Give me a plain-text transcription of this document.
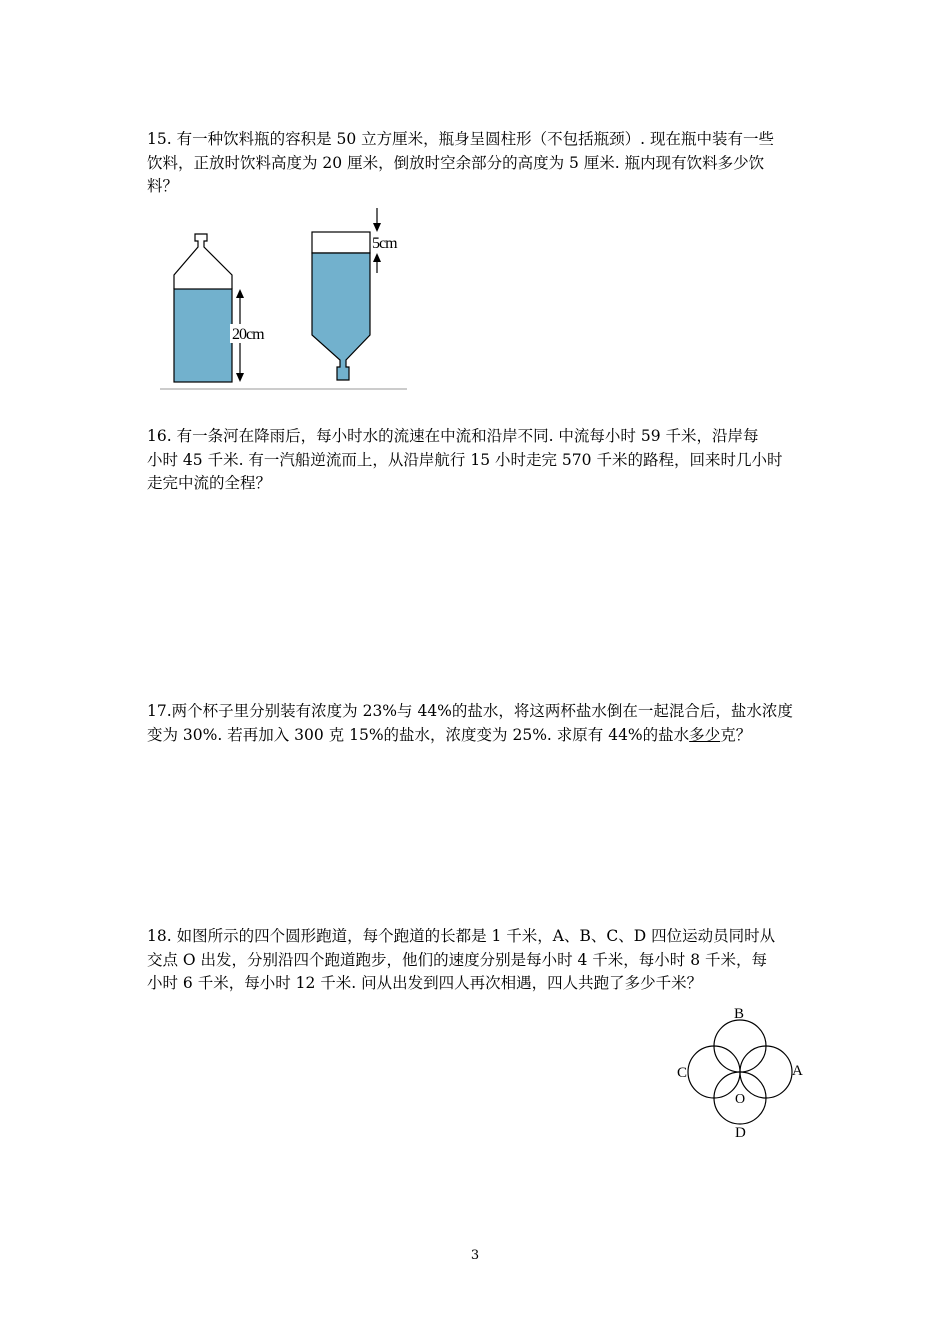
15. 有一种饮料瓶的容积是 50 立方厘米，瓶身呈圆柱形（不包括瓶颈）. 现在瓶中装有一些
饮料，正放时饮料高度为 20 厘米，倒放时空余部分的高度为 5 厘米. 瓶内现有饮料多少饮
料？

20cm
5cm

16. 有一条河在降雨后，每小时水的流速在中流和沿岸不同. 中流每小时 59 千米，沿岸每
小时 45 千米. 有一汽船逆流而上，从沿岸航行 15 小时走完 570 千米的路程，回来时几小时
走完中流的全程？

17.两个杯子里分别装有浓度为 23%与 44%的盐水，将这两杯盐水倒在一起混合后，盐水浓度
变为 30%. 若再加入 300 克 15%的盐水，浓度变为 25%. 求原有 44%的盐水多少克？

18. 如图所示的四个圆形跑道，每个跑道的长都是 1 千米，A、B、C、D 四位运动员同时从
交点 O 出发，分别沿四个跑道跑步，他们的速度分别是每小时 4 千米，每小时 8 千米，每
小时 6 千米，每小时 12 千米. 问从出发到四人再次相遇，四人共跑了多少千米？

B
A
C
O
D
3
